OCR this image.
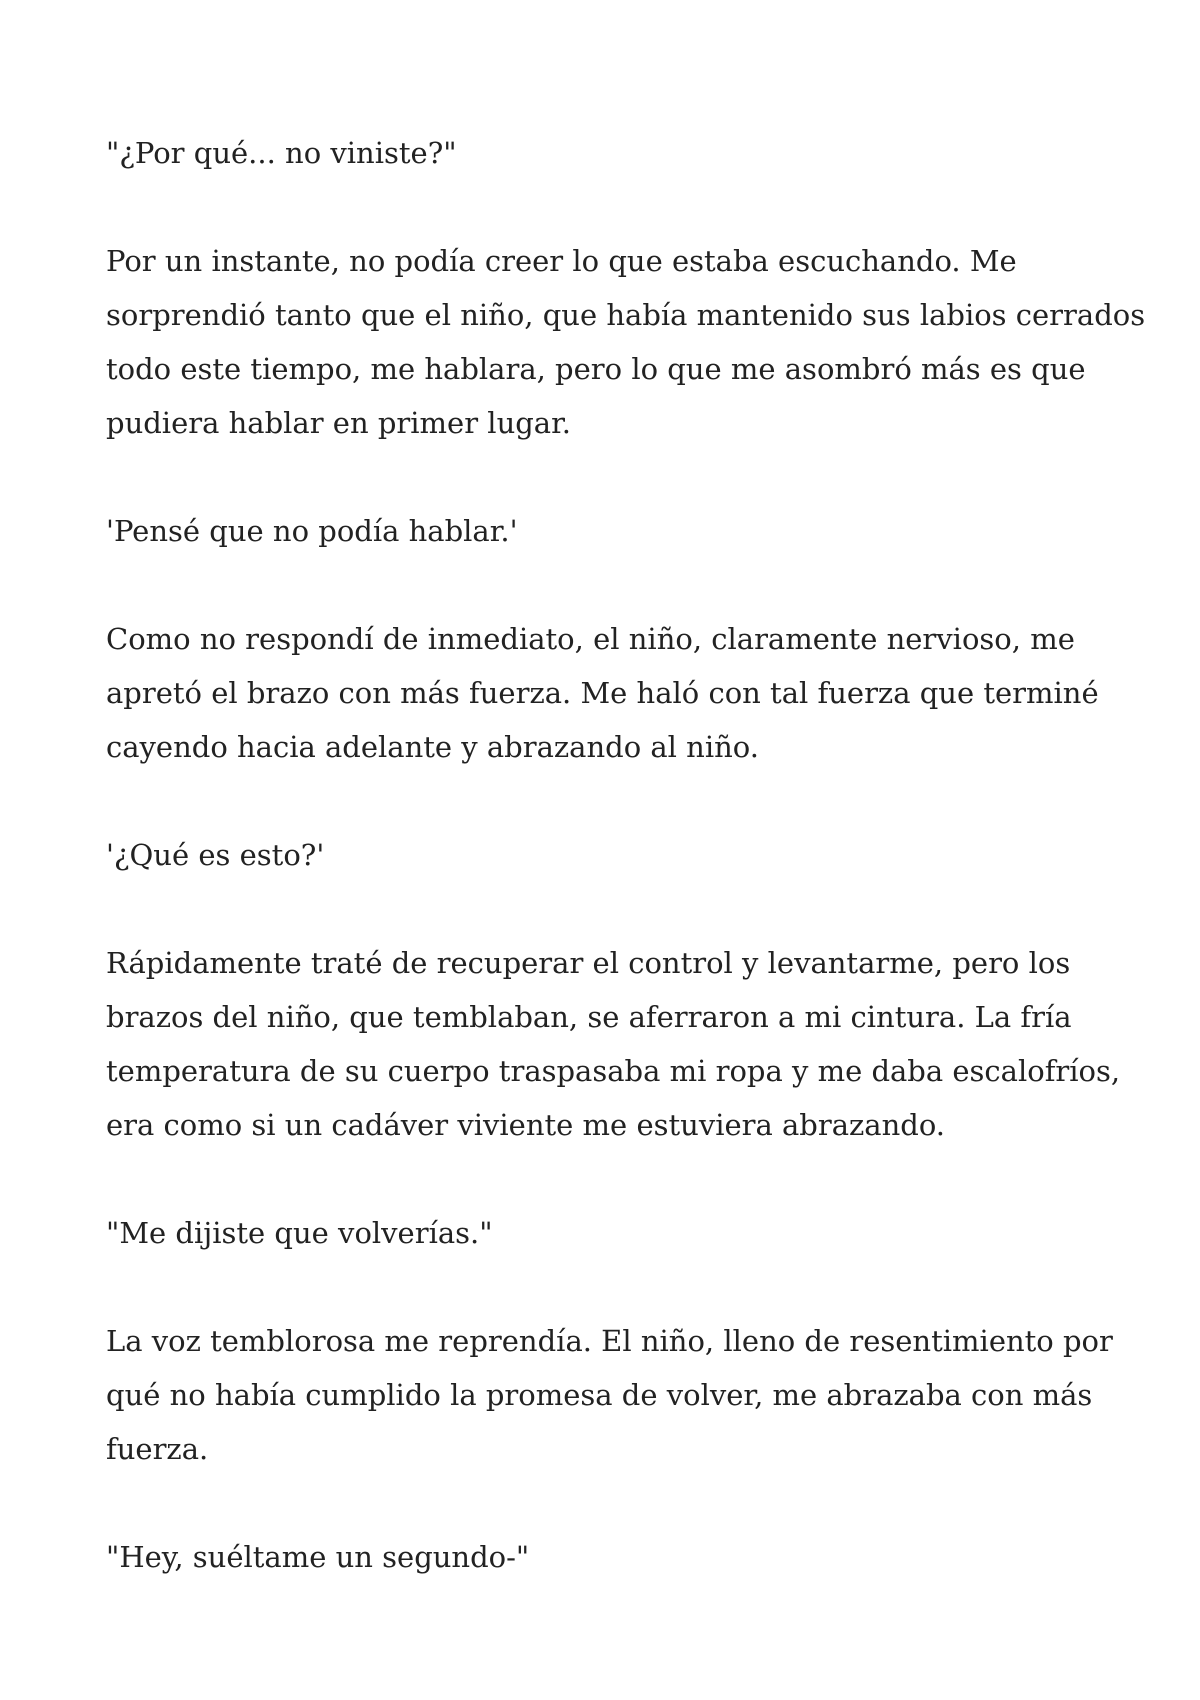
"¿Por qué... no viniste?"

Por un instante, no podía creer lo que estaba escuchando. Me
sorprendió tanto que el niño, que había mantenido sus labios cerrados
todo este tiempo, me hablara, pero lo que me asombró más es que
pudiera hablar en primer lugar.

'Pensé que no podía hablar.'

Como no respondí de inmediato, el niño, claramente nervioso, me
apretó el brazo con más fuerza. Me haló con tal fuerza que terminé
cayendo hacia adelante y abrazando al niño.

'¿Qué es esto?'

Rápidamente traté de recuperar el control y levantarme, pero los
brazos del niño, que temblaban, se aferraron a mi cintura. La fría
temperatura de su cuerpo traspasaba mi ropa y me daba escalofríos,
era como si un cadáver viviente me estuviera abrazando.

"Me dijiste que volverías."

La voz temblorosa me reprendía. El niño, lleno de resentimiento por
qué no había cumplido la promesa de volver, me abrazaba con más
fuerza.

"Hey, suéltame un segundo-"
